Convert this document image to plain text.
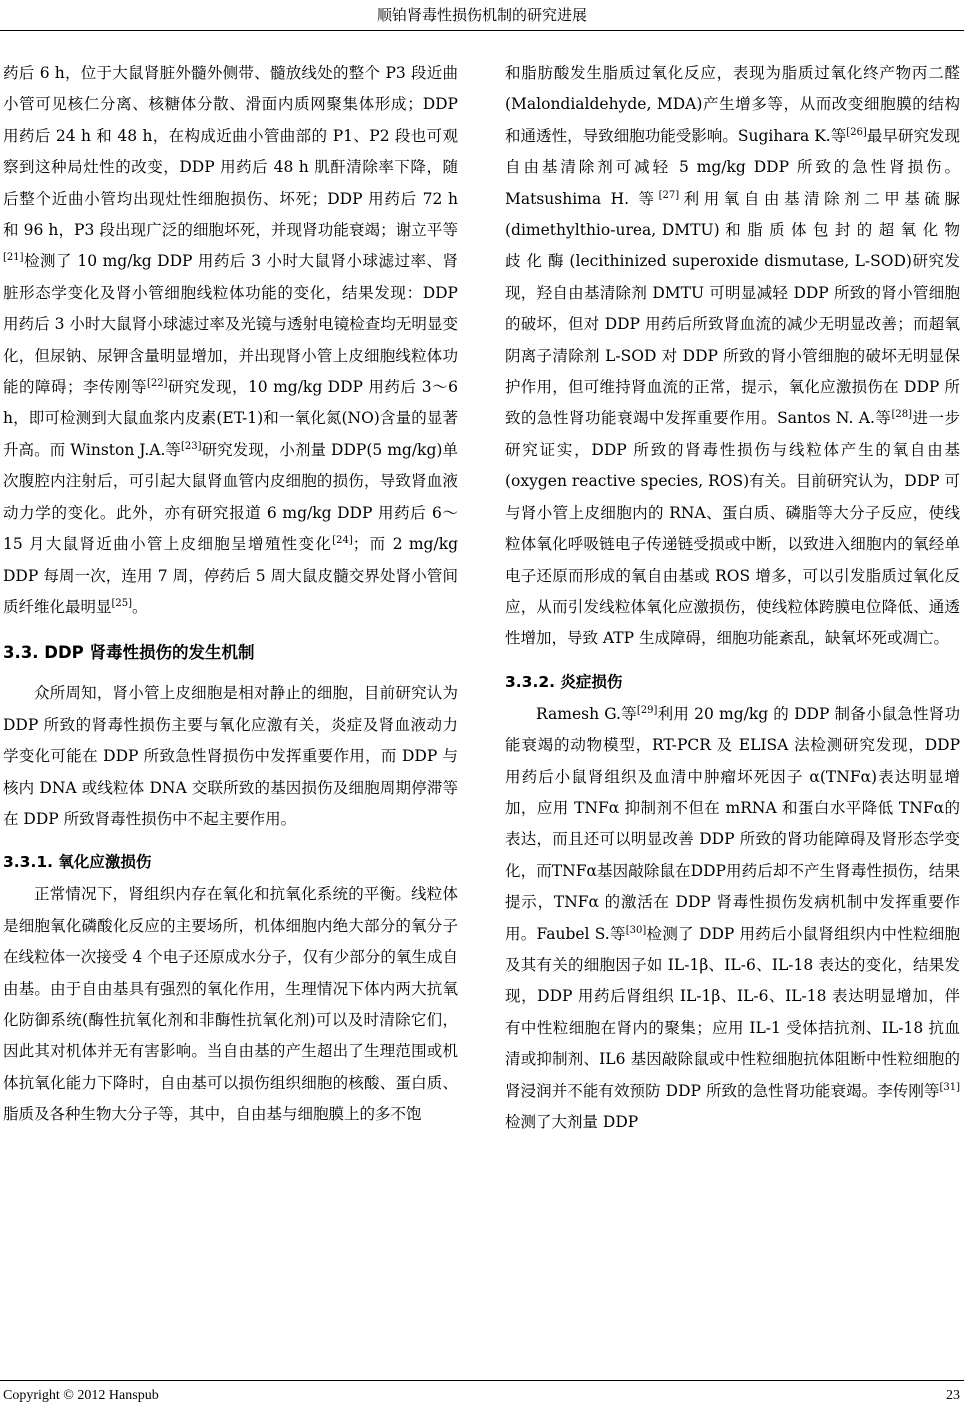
顺铂肾毒性损伤机制的研究进展

药后 6 h，位于大鼠肾脏外髓外侧带、髓放线处的整个 P3 段近曲小管可见核仁分离、核糖体分散、滑面内质网聚集体形成；DDP 用药后 24 h 和 48 h，在构成近曲小管曲部的 P1、P2 段也可观察到这种局灶性的改变，DDP 用药后 48 h 肌酐清除率下降，随后整个近曲小管均出现灶性细胞损伤、坏死；DDP 用药后 72 h 和 96 h，P3 段出现广泛的细胞坏死，并现肾功能衰竭；谢立平等[21]检测了 10 mg/kg DDP 用药后 3 小时大鼠肾小球滤过率、肾脏形态学变化及肾小管细胞线粒体功能的变化，结果发现：DDP 用药后 3 小时大鼠肾小球滤过率及光镜与透射电镜检查均无明显变化，但尿钠、尿钾含量明显增加，并出现肾小管上皮细胞线粒体功能的障碍；李传刚等[22]研究发现，10 mg/kg DDP 用药后 3～6 h，即可检测到大鼠血浆内皮素(ET-1)和一氧化氮(NO)含量的显著升高。而 Winston J.A.等[23]研究发现，小剂量 DDP(5 mg/kg)单次腹腔内注射后，可引起大鼠肾血管内皮细胞的损伤，导致肾血液动力学的变化。此外，亦有研究报道 6 mg/kg DDP 用药后 6～15 月大鼠肾近曲小管上皮细胞呈增殖性变化[24]；而 2 mg/kg DDP 每周一次，连用 7 周，停药后 5 周大鼠皮髓交界处肾小管间质纤维化最明显[25]。

3.3. DDP 肾毒性损伤的发生机制

众所周知，肾小管上皮细胞是相对静止的细胞，目前研究认为 DDP 所致的肾毒性损伤主要与氧化应激有关，炎症及肾血液动力学变化可能在 DDP 所致急性肾损伤中发挥重要作用，而 DDP 与核内 DNA 或线粒体 DNA 交联所致的基因损伤及细胞周期停滞等在 DDP 所致肾毒性损伤中不起主要作用。

3.3.1. 氧化应激损伤

正常情况下，肾组织内存在氧化和抗氧化系统的平衡。线粒体是细胞氧化磷酸化反应的主要场所，机体细胞内绝大部分的氧分子在线粒体一次接受 4 个电子还原成水分子，仅有少部分的氧生成自由基。由于自由基具有强烈的氧化作用，生理情况下体内两大抗氧化防御系统(酶性抗氧化剂和非酶性抗氧化剂)可以及时清除它们，因此其对机体并无有害影响。当自由基的产生超出了生理范围或机体抗氧化能力下降时，自由基可以损伤组织细胞的核酸、蛋白质、脂质及各种生物大分子等，其中，自由基与细胞膜上的多不饱

和脂肪酸发生脂质过氧化反应，表现为脂质过氧化终产物丙二醛(Malondialdehyde, MDA)产生增多等，从而改变细胞膜的结构和通透性，导致细胞功能受影响。Sugihara K.等[26]最早研究发现自由基清除剂可减轻 5 mg/kg DDP 所致的急性肾损伤。Matsushima H. 等[27]利用氧自由基清除剂二甲基硫脲(dimethylthio-urea, DMTU) 和 脂 质 体 包 封 的 超 氧 化 物 歧 化 酶 (lecithinized superoxide dismutase, L-SOD)研究发现，羟自由基清除剂 DMTU 可明显减轻 DDP 所致的肾小管细胞的破坏，但对 DDP 用药后所致肾血流的减少无明显改善；而超氧阴离子清除剂 L-SOD 对 DDP 所致的肾小管细胞的破坏无明显保护作用，但可维持肾血流的正常，提示，氧化应激损伤在 DDP 所致的急性肾功能衰竭中发挥重要作用。Santos N. A.等[28]进一步研究证实，DDP 所致的肾毒性损伤与线粒体产生的氧自由基(oxygen reactive species, ROS)有关。目前研究认为，DDP 可与肾小管上皮细胞内的 RNA、蛋白质、磷脂等大分子反应，使线粒体氧化呼吸链电子传递链受损或中断，以致进入细胞内的氧经单电子还原而形成的氧自由基或 ROS 增多，可以引发脂质过氧化反应，从而引发线粒体氧化应激损伤，使线粒体跨膜电位降低、通透性增加，导致 ATP 生成障碍，细胞功能紊乱，缺氧坏死或凋亡。

3.3.2. 炎症损伤

Ramesh G.等[29]利用 20 mg/kg 的 DDP 制备小鼠急性肾功能衰竭的动物模型，RT-PCR 及 ELISA 法检测研究发现，DDP 用药后小鼠肾组织及血清中肿瘤坏死因子 α(TNFα)表达明显增加，应用 TNFα 抑制剂不但在 mRNA 和蛋白水平降低 TNFα的表达，而且还可以明显改善 DDP 所致的肾功能障碍及肾形态学变化，而TNFα基因敲除鼠在DDP用药后却不产生肾毒性损伤，结果提示，TNFα 的激活在 DDP 肾毒性损伤发病机制中发挥重要作用。Faubel S.等[30]检测了 DDP 用药后小鼠肾组织内中性粒细胞及其有关的细胞因子如 IL-1β、IL-6、IL-18 表达的变化，结果发现，DDP 用药后肾组织 IL-1β、IL-6、IL-18 表达明显增加，伴有中性粒细胞在肾内的聚集；应用 IL-1 受体拮抗剂、IL-18 抗血清或抑制剂、IL6 基因敲除鼠或中性粒细胞抗体阻断中性粒细胞的肾浸润并不能有效预防 DDP 所致的急性肾功能衰竭。李传刚等[31]检测了大剂量 DDP

Copyright © 2012 Hanspub	23
